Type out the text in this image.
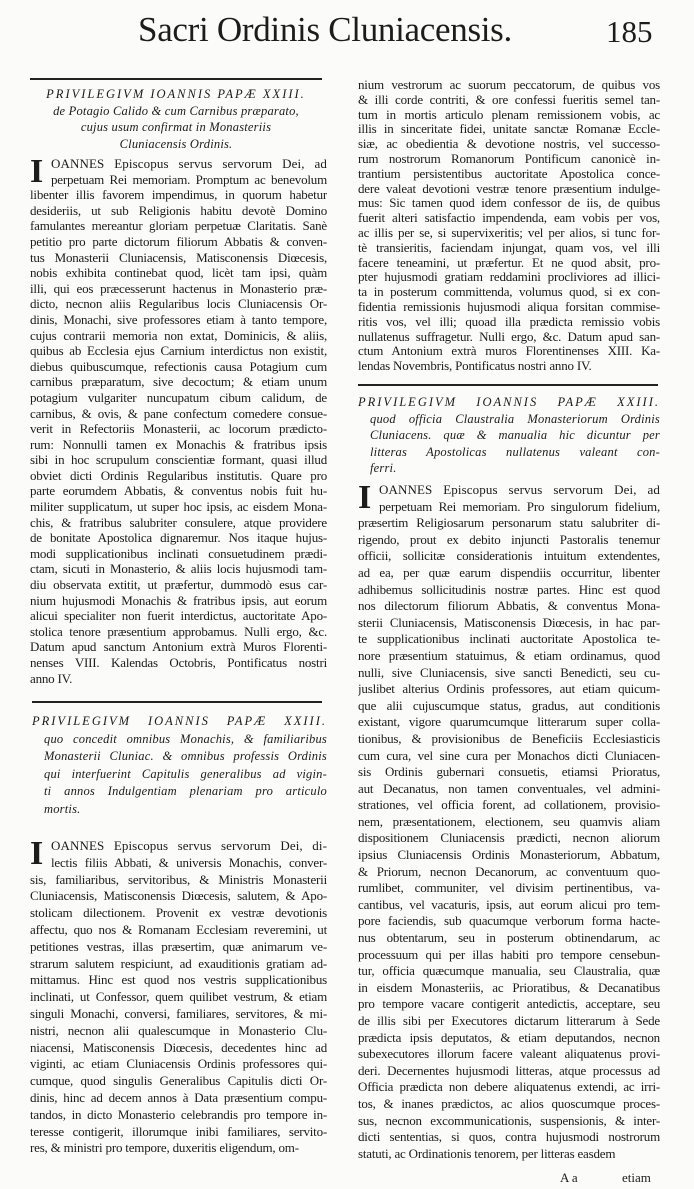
Sacri Ordinis Cluniacensis.	185
PRIVILEGIVM IOANNIS PAPÆ XXIII.
de Potagio Calido & cum Carnibus præparato,
cujus usum confirmat in Monasteriis
Cluniacensis Ordinis.
I OANNES Episcopus servus servorum Dei, ad
perpetuam Rei memoriam. Promptum ac benevolum
libenter illis favorem impendimus, in quorum habetur
desideriis, ut sub Religionis habitu devotè Domino
famulantes mereantur gloriam perpetuæ Claritatis. Sanè
petitio pro parte dictorum filiorum Abbatis & conven-
tus Monasterii Cluniacensis, Matisconensis Diœcesis,
nobis exhibita continebat quod, licèt tam ipsi, quàm
illi, qui eos præcesserunt hactenus in Monasterio præ-
dicto, necnon aliis Regularibus locis Cluniacensis Or-
dinis, Monachi, sive professores etiam à tanto tempore,
cujus contrarii memoria non extat, Dominicis, & aliis,
quibus ab Ecclesia ejus Carnium interdictus non existit,
diebus quibuscumque, refectionis causa Potagium cum
carnibus præparatum, sive decoctum; & etiam unum
potagium vulgariter nuncupatum cibum calidum, de
carnibus, & ovis, & pane confectum comedere consue-
verit in Refectoriis Monasterii, ac locorum prædicto-
rum: Nonnulli tamen ex Monachis & fratribus ipsis
sibi in hoc scrupulum conscientiæ formant, quasi illud
obviet dicti Ordinis Regularibus institutis. Quare pro
parte eorumdem Abbatis, & conventus nobis fuit hu-
militer supplicatum, ut super hoc ipsis, ac eisdem Mona-
chis, & fratribus salubriter consulere, atque providere
de bonitate Apostolica dignaremur. Nos itaque hujus-
modi supplicationibus inclinati consuetudinem prædi-
ctam, sicuti in Monasterio, & aliis locis hujusmodi tam-
diu observata extitit, ut præfertur, dummodò esus car-
nium hujusmodi Monachis & fratribus ipsis, aut eorum
alicui specialiter non fuerit interdictus, auctoritate Apo-
stolica tenore præsentium approbamus. Nulli ergo, &c.
Datum apud sanctum Antonium extrà Muros Florenti-
nenses VIII. Kalendas Octobris, Pontificatus nostri
anno IV.
PRIVILEGIVM IOANNIS PAPÆ XXIII.
quo concedit omnibus Monachis, & familiaribus
Monasterii Cluniac. & omnibus professis Ordinis
qui interfuerint Capitulis generalibus ad vigin-
ti annos Indulgentiam plenariam pro articulo
mortis.
I OANNES Episcopus servus servorum Dei, di-
lectis filiis Abbati, & universis Monachis, conver-
sis, familiaribus, servitoribus, & Ministris Monasterii
Cluniacensis, Matisconensis Diœcesis, salutem, & Apo-
stolicam dilectionem. Provenit ex vestræ devotionis
affectu, quo nos & Romanam Ecclesiam reveremini, ut
petitiones vestras, illas præsertim, quæ animarum ve-
strarum salutem respiciunt, ad exauditionis gratiam ad-
mittamus. Hinc est quod nos vestris supplicationibus
inclinati, ut Confessor, quem quilibet vestrum, & etiam
singuli Monachi, conversi, familiares, servitores, & mi-
nistri, necnon alii qualescumque in Monasterio Clu-
niacensi, Matisconensis Diœcesis, decedentes hinc ad
viginti, ac etiam Cluniacensis Ordinis professores qui-
cumque, quod singulis Generalibus Capitulis dicti Or-
dinis, hinc ad decem annos à Data præsentium compu-
tandos, in dicto Monasterio celebrandis pro tempore in-
teresse contigerit, illorumque inibi familiares, servito-
res, & ministri pro tempore, duxeritis eligendum, om-
nium vestrorum ac suorum peccatorum, de quibus vos
& illi corde contriti, & ore confessi fueritis semel tan-
tum in mortis articulo plenam remissionem vobis, ac
illis in sinceritate fidei, unitate sanctæ Romanæ Eccle-
siæ, ac obedientia & devotione nostris, vel successo-
rum nostrorum Romanorum Pontificum canonicè in-
trantium persistentibus auctoritate Apostolica conce-
dere valeat devotioni vestræ tenore præsentium indulge-
mus: Sic tamen quod idem confessor de iis, de quibus
fuerit alteri satisfactio impendenda, eam vobis per vos,
ac illis per se, si supervixeritis; vel per alios, si tunc for-
tè transieritis, faciendam injungat, quam vos, vel illi
facere teneamini, ut præfertur. Et ne quod absit, pro-
pter hujusmodi gratiam reddamini procliviores ad illici-
ta in posterum committenda, volumus quod, si ex con-
fidentia remissionis hujusmodi aliqua forsitan commise-
ritis vos, vel illi; quoad illa prædicta remissio vobis
nullatenus suffragetur. Nulli ergo, &c. Datum apud san-
ctum Antonium extrà muros Florentinenses XIII. Ka-
lendas Novembris, Pontificatus nostri anno IV.
PRIVILEGIVM IOANNIS PAPÆ XXIII.
quod officia Claustralia Monasteriorum Ordinis
Cluniacens. quæ & manualia hic dicuntur per
litteras Apostolicas nullatenus valeant con-
ferri.
I OANNES Episcopus servus servorum Dei, ad
perpetuam Rei memoriam. Pro singulorum fidelium,
præsertim Religiosarum personarum statu salubriter di-
rigendo, prout ex debito injuncti Pastoralis tenemur
officii, sollicitæ considerationis intuitum extendentes,
ad ea, per quæ earum dispendiis occurritur, libenter
adhibemus sollicitudinis nostræ partes. Hinc est quod
nos dilectorum filiorum Abbatis, & conventus Mona-
sterii Cluniacensis, Matisconensis Diœcesis, in hac par-
te supplicationibus inclinati auctoritate Apostolica te-
nore præsentium statuimus, & etiam ordinamus, quod
nulli, sive Cluniacensis, sive sancti Benedicti, seu cu-
juslibet alterius Ordinis professores, aut etiam quicum-
que alii cujuscumque status, gradus, aut conditionis
existant, vigore quarumcumque litterarum super colla-
tionibus, & provisionibus de Beneficiis Ecclesiasticis
cum cura, vel sine cura per Monachos dicti Cluniacen-
sis Ordinis gubernari consuetis, etiamsi Prioratus,
aut Decanatus, non tamen conventuales, vel admini-
strationes, vel officia forent, ad collationem, provisio-
nem, præsentationem, electionem, seu quamvis aliam
dispositionem Cluniacensis prædicti, necnon aliorum
ipsius Cluniacensis Ordinis Monasteriorum, Abbatum,
& Priorum, necnon Decanorum, ac conventuum quo-
rumlibet, communiter, vel divisim pertinentibus, va-
cantibus, vel vacaturis, ipsis, aut eorum alicui pro tem-
pore faciendis, sub quacumque verborum forma hacte-
nus obtentarum, seu in posterum obtinendarum, ac
processuum qui per illas habiti pro tempore censebun-
tur, officia quæcumque manualia, seu Claustralia, quæ
in eisdem Monasteriis, ac Prioratibus, & Decanatibus
pro tempore vacare contigerit antedictis, acceptare, seu
de illis sibi per Executores dictarum litterarum à Sede
prædicta ipsis deputatos, & etiam deputandos, necnon
subexecutores illorum facere valeant aliquatenus provi-
deri. Decernentes hujusmodi litteras, atque processus ad
Officia prædicta non debere aliquatenus extendi, ac irri-
tos, & inanes prædictos, ac alios quoscumque proces-
sus, necnon excommunicationis, suspensionis, & inter-
dicti sententias, si quos, contra hujusmodi nostrorum
statuti, ac Ordinationis tenorem, per litteras easdem
A a	etiam
